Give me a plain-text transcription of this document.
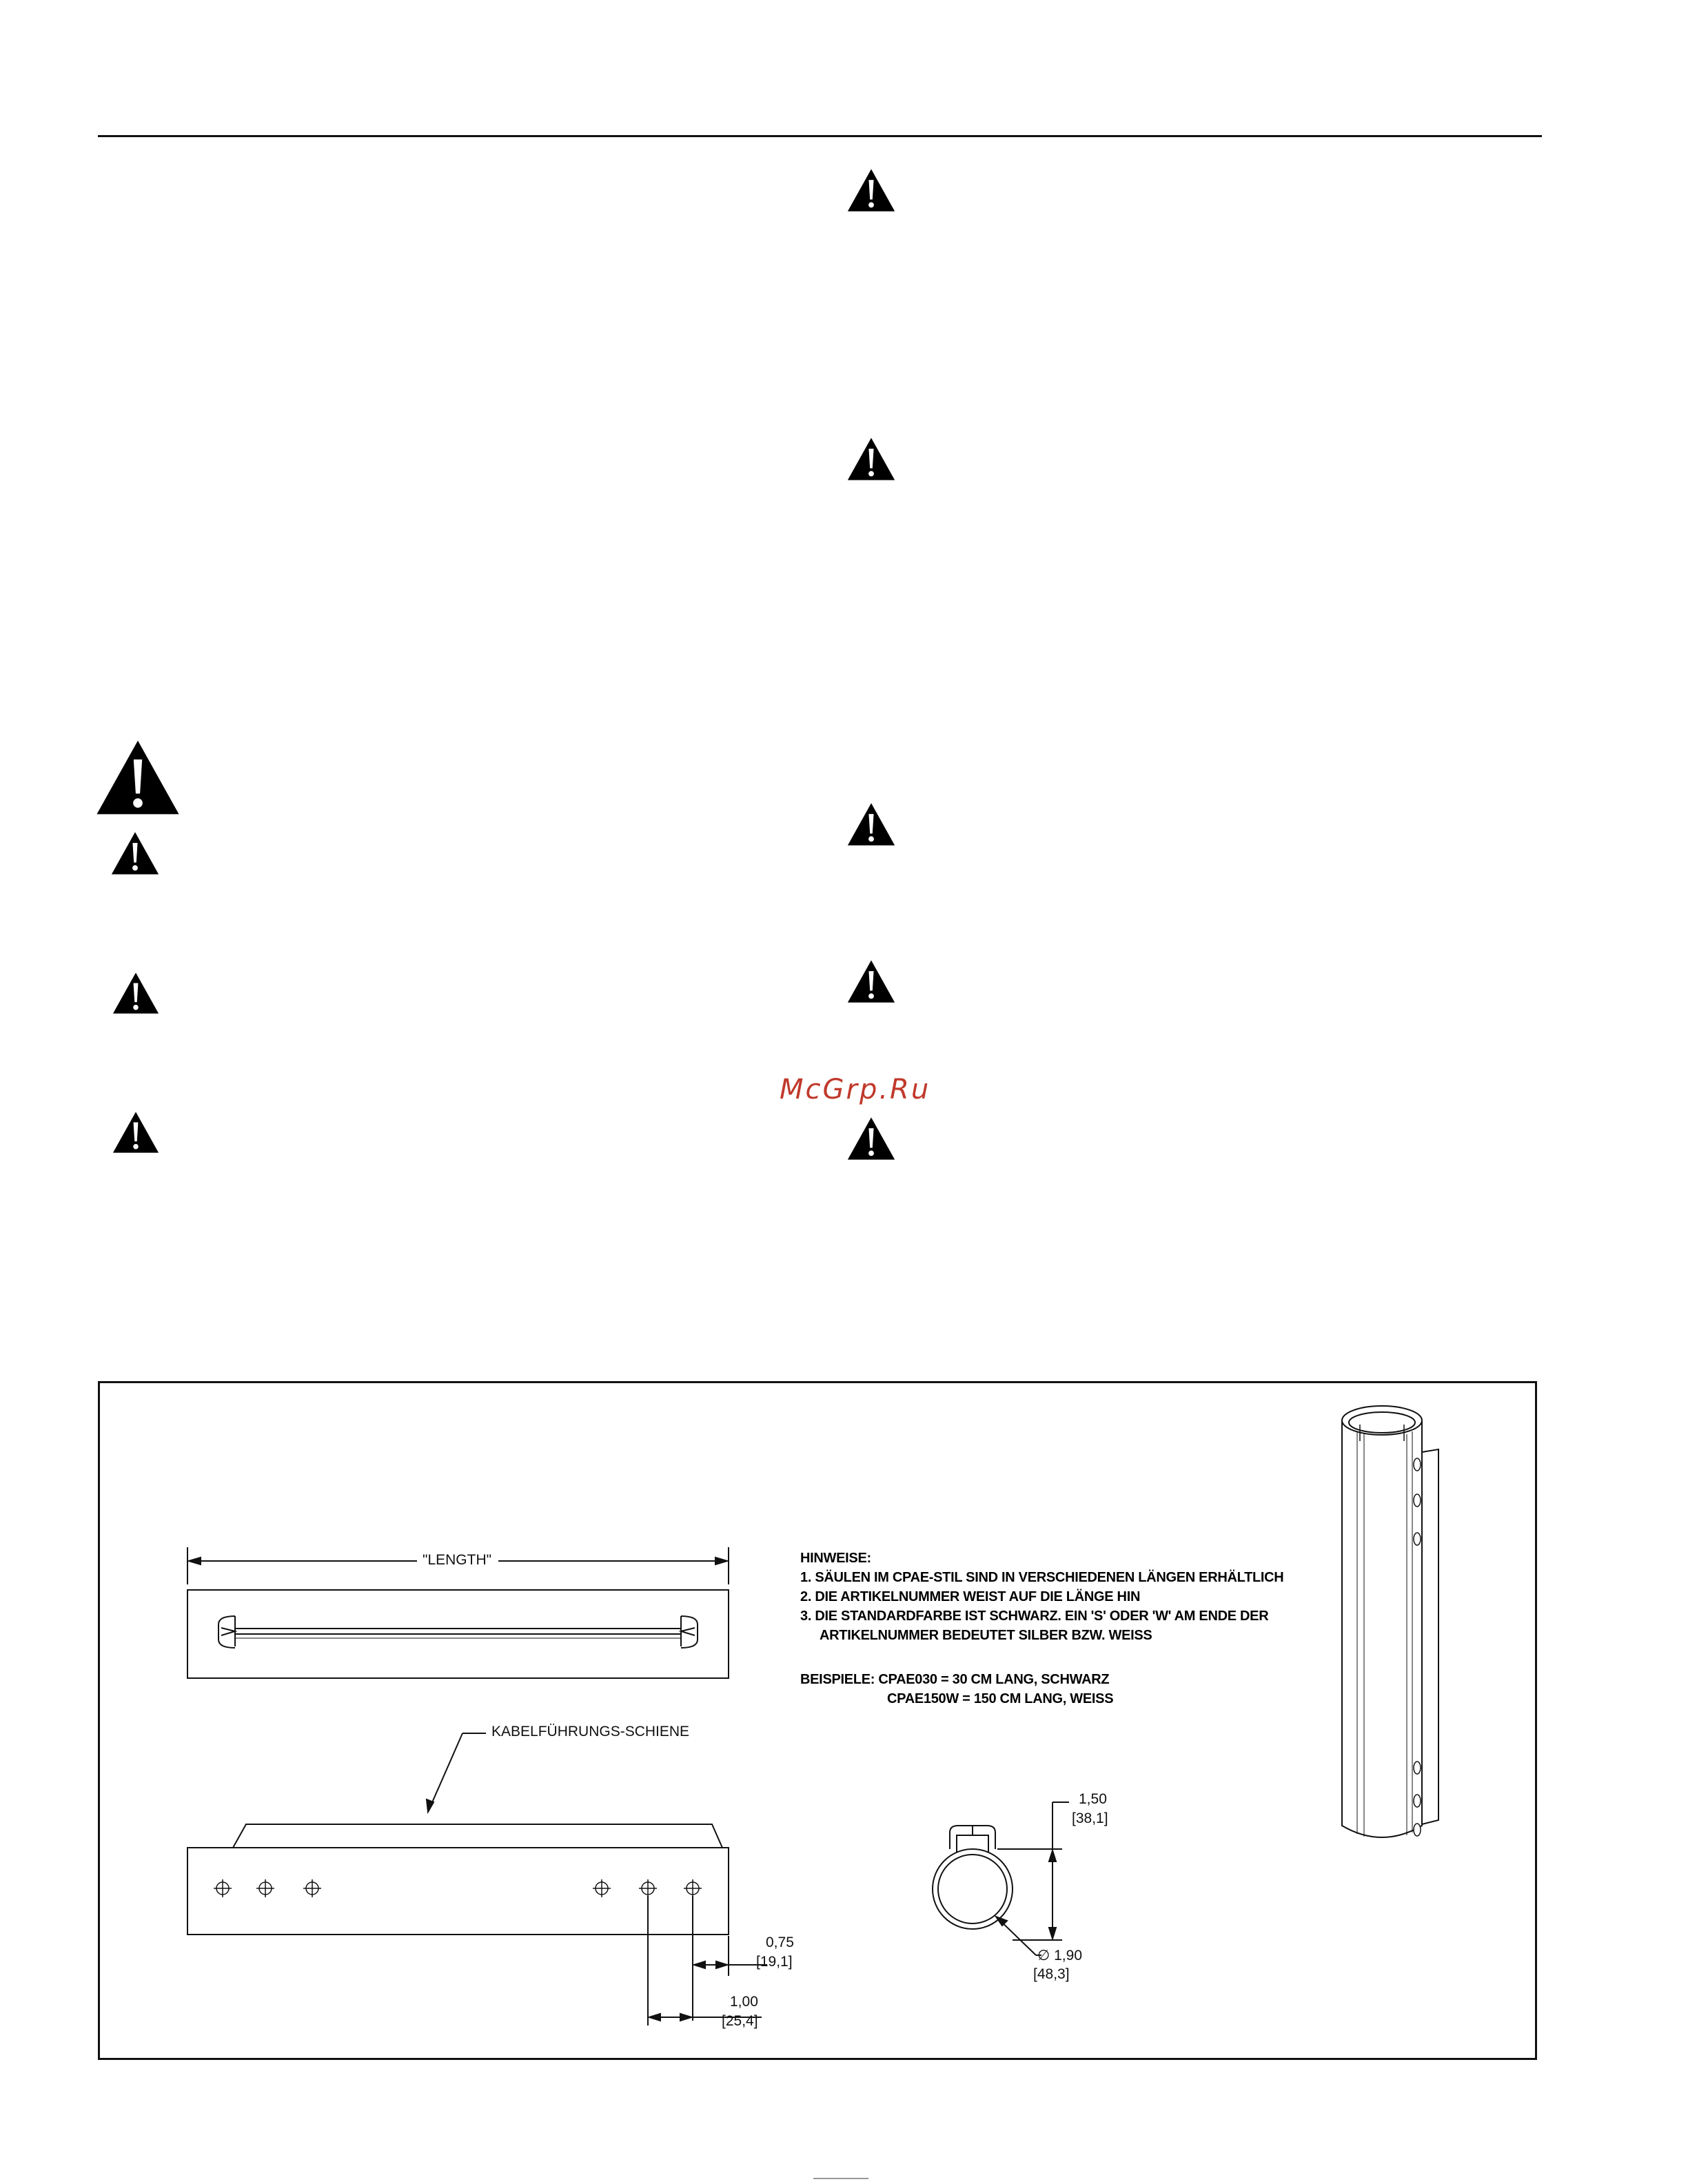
McGrp.Ru
"LENGTH"
KABELFÜHRUNGS-SCHIENE
HINWEISE:
1. SÄULEN IM CPAE-STIL SIND IN VERSCHIEDENEN LÄNGEN ERHÄLTLICH
2. DIE ARTIKELNUMMER WEIST AUF DIE LÄNGE HIN
3. DIE STANDARDFARBE IST SCHWARZ. EIN 'S' ODER 'W' AM ENDE DER
ARTIKELNUMMER BEDEUTET SILBER BZW. WEISS
BEISPIELE: CPAE030 = 30 CM LANG, SCHWARZ
CPAE150W = 150 CM LANG, WEISS
0,75
[19,1]
1,00
[25,4]
1,50
[38,1]
∅ 1,90
[48,3]
